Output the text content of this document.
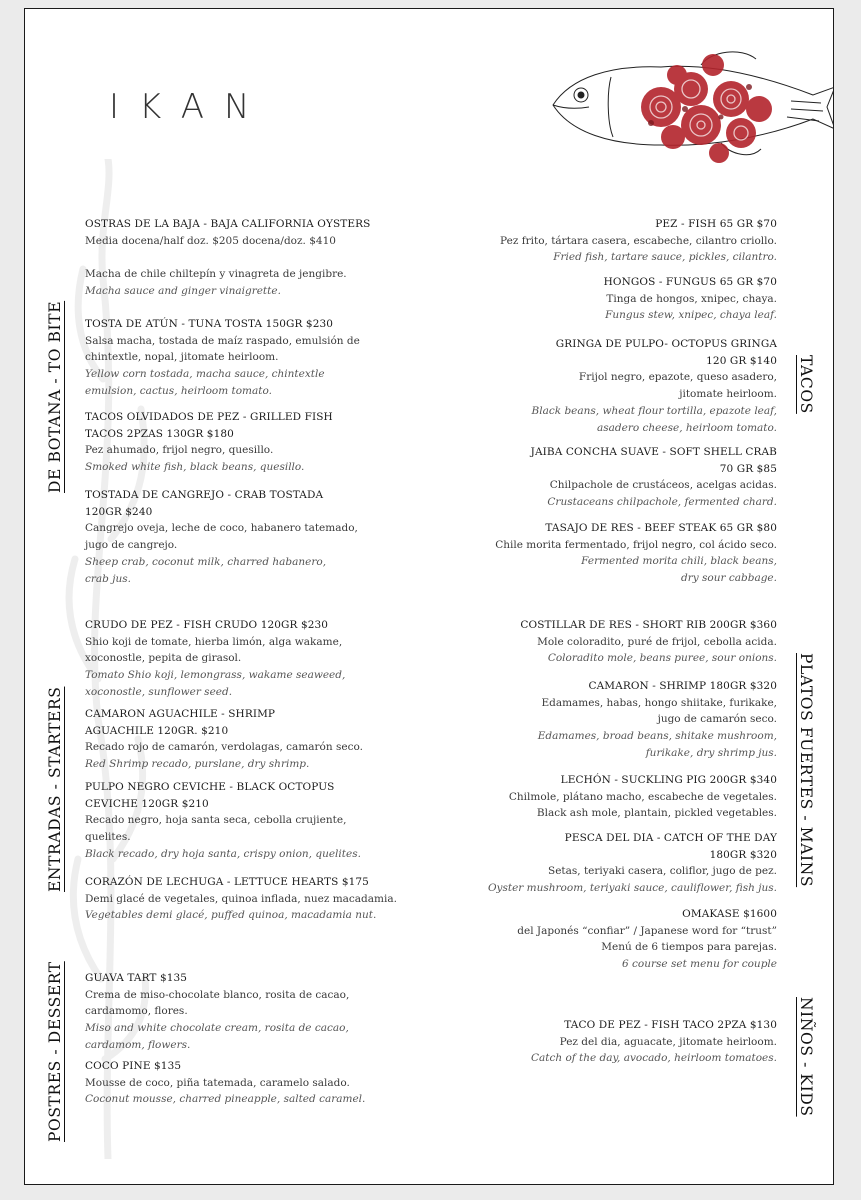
IKAN
DE BOTANA - TO BITE
ENTRADAS - STARTERS
POSTRES - DESSERT
TACOS
PLATOS FUERTES - MAINS
NIÑOS - KIDS
OSTRAS DE LA BAJA - BAJA CALIFORNIA OYSTERS
Media docena/half doz. $205 docena/doz. $410

Macha de chile chiltepín y vinagreta de jengibre.
Macha sauce and ginger vinaigrette.
TOSTA DE ATÚN - TUNA TOSTA 150GR $230
Salsa macha, tostada de maíz raspado, emulsión de
chintextle, nopal, jitomate heirloom.
Yellow corn tostada, macha sauce, chintextle
emulsion, cactus, heirloom tomato.
TACOS OLVIDADOS DE PEZ - GRILLED FISH
TACOS 2PZAS 130GR $180
Pez ahumado, frijol negro, quesillo.
Smoked white fish, black beans, quesillo.
TOSTADA DE CANGREJO - CRAB TOSTADA
120GR $240
Cangrejo oveja, leche de coco, habanero tatemado,
jugo de cangrejo.
Sheep crab, coconut milk, charred habanero,
crab jus.
CRUDO DE PEZ - FISH CRUDO 120GR $230
Shio koji de tomate, hierba limón, alga wakame,
xoconostle, pepita de girasol.
Tomato Shio koji, lemongrass, wakame seaweed,
xoconostle, sunflower seed.
CAMARON AGUACHILE - SHRIMP
AGUACHILE 120GR. $210
Recado rojo de camarón, verdolagas, camarón seco.
Red Shrimp recado, purslane, dry shrimp.
PULPO NEGRO CEVICHE - BLACK OCTOPUS
CEVICHE 120GR $210
Recado negro, hoja santa seca, cebolla crujiente,
quelites.
Black recado, dry hoja santa, crispy onion, quelites.
CORAZÓN DE LECHUGA - LETTUCE HEARTS $175
Demi glacé de vegetales, quinoa inflada, nuez macadamia.
Vegetables demi glacé, puffed quinoa, macadamia nut.
GUAVA TART $135
Crema de miso-chocolate blanco, rosita de cacao,
cardamomo, flores.
Miso and white chocolate cream, rosita de cacao,
cardamom, flowers.
COCO PINE $135
Mousse de coco, piña tatemada, caramelo salado.
Coconut mousse, charred pineapple, salted caramel.
PEZ - FISH 65 GR $70
Pez frito, tártara casera, escabeche, cilantro criollo.
Fried fish, tartare sauce, pickles, cilantro.
HONGOS - FUNGUS 65 GR $70
Tinga de hongos, xnipec, chaya.
Fungus stew, xnipec, chaya leaf.
GRINGA DE PULPO- OCTOPUS GRINGA
120 GR $140
Frijol negro, epazote, queso asadero,
jitomate heirloom.
Black beans, wheat flour tortilla, epazote leaf,
asadero cheese, heirloom tomato.
JAIBA CONCHA SUAVE - SOFT SHELL CRAB
70 GR $85
Chilpachole de crustáceos, acelgas acidas.
Crustaceans chilpachole, fermented chard.
TASAJO DE RES - BEEF STEAK 65 GR $80
Chile morita fermentado, frijol negro, col ácido seco.
Fermented morita chili, black beans,
dry sour cabbage.
COSTILLAR DE RES - SHORT RIB 200GR $360
Mole coloradito, puré de frijol, cebolla acida.
Coloradito mole, beans puree, sour onions.
CAMARON - SHRIMP 180GR $320
Edamames, habas, hongo shiitake, furikake,
jugo de camarón seco.
Edamames, broad beans, shitake mushroom,
furikake, dry shrimp jus.
LECHÓN - SUCKLING PIG 200GR $340
Chilmole, plátano macho, escabeche de vegetales.
Black ash mole, plantain, pickled vegetables.
PESCA DEL DIA - CATCH OF THE DAY
180GR $320
Setas, teriyaki casera, coliflor, jugo de pez.
Oyster mushroom, teriyaki sauce, cauliflower, fish jus.
OMAKASE $1600
del Japonés “confiar” / Japanese word for “trust”
Menú de 6 tiempos para parejas.
6 course set menu for couple
TACO DE PEZ - FISH TACO 2PZA $130
Pez del dia, aguacate, jitomate heirloom.
Catch of the day, avocado, heirloom tomatoes.
